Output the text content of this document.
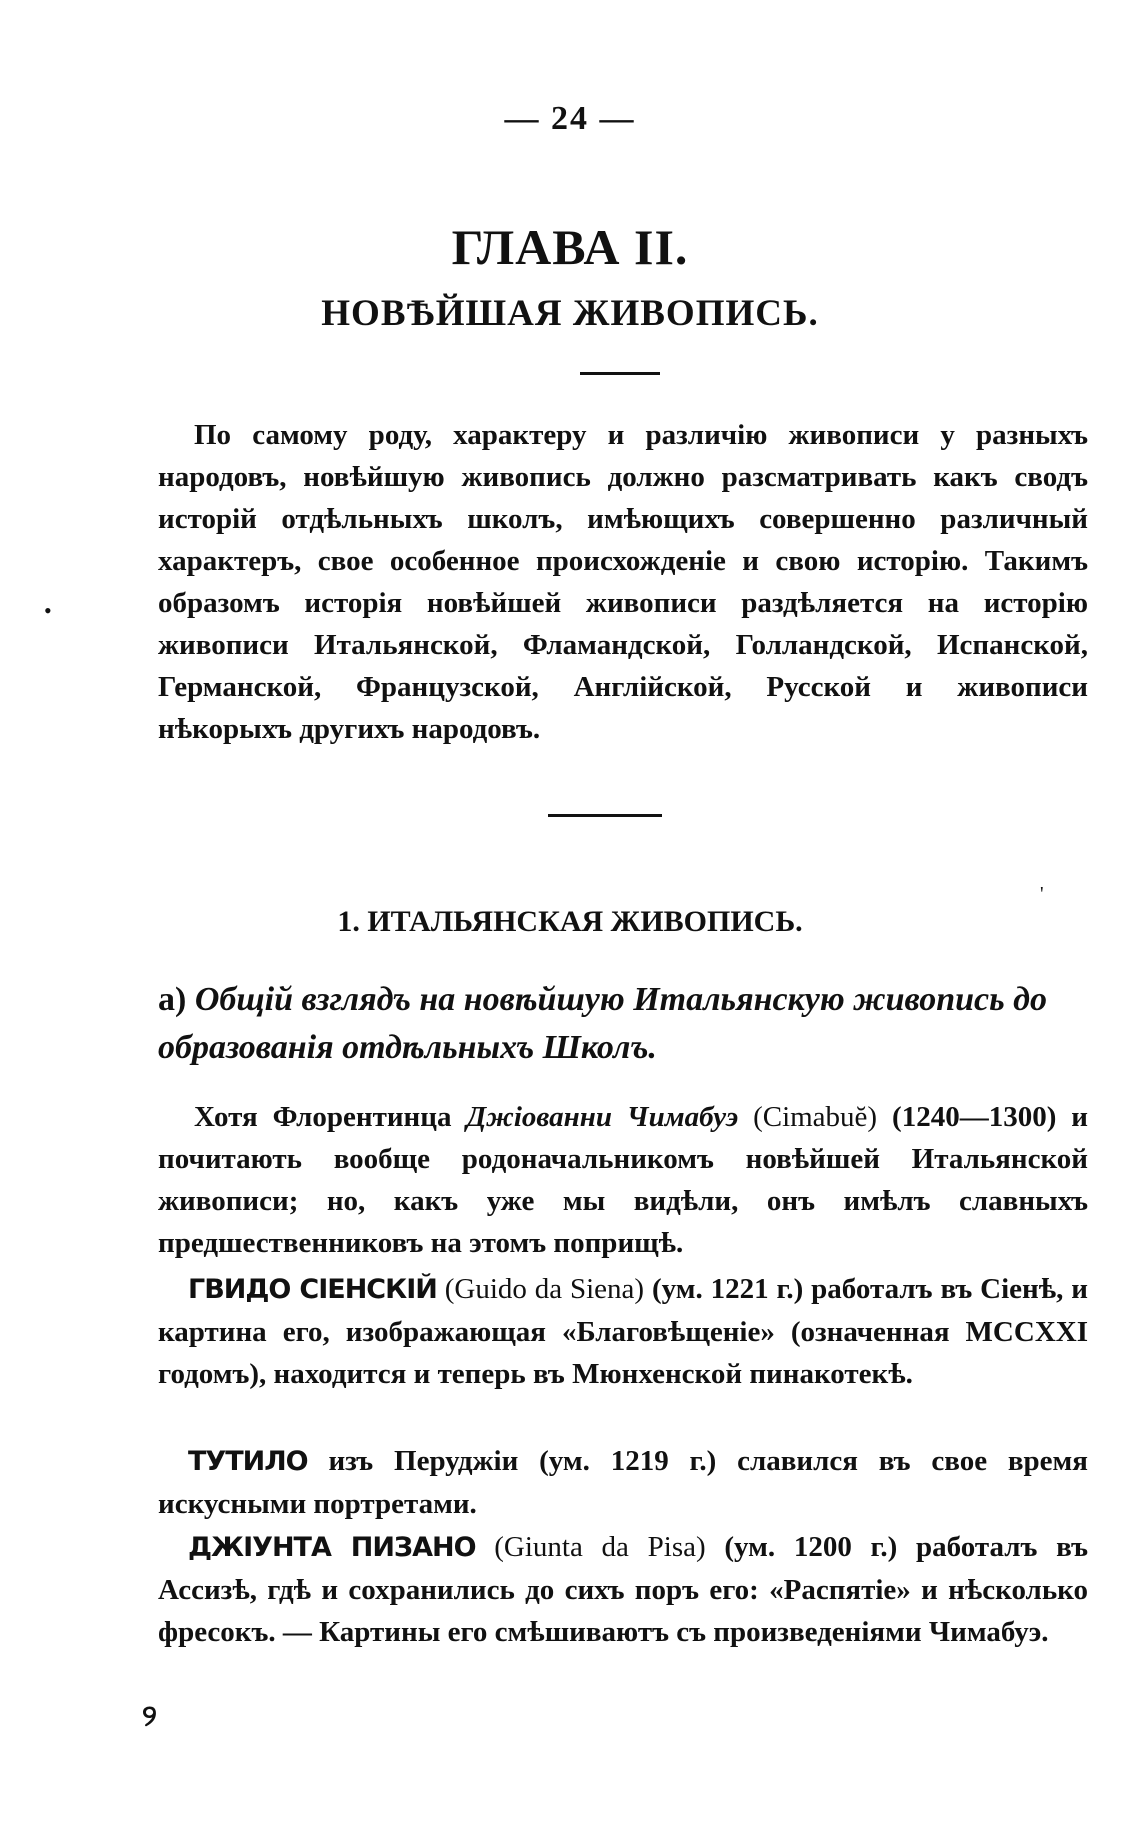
— 24 —
ГЛАВА II.
НОВѢЙШАЯ ЖИВОПИСЬ.

По самому роду, характеру и различію живописи у разныхъ народовъ, новѣйшую живопись должно разсматривать какъ сводъ исторій отдѣльныхъ школъ, имѣющихъ совершенно различный характеръ, свое особенное происхожденіе и свою исторію. Такимъ образомъ исторія новѣйшей живописи раздѣляется на исторію живописи Итальянской, Фламандской, Голландской, Испанской, Германской, Французской, Англійской, Русской и живописи нѣкорыхъ другихъ народовъ.

1. ИТАЛЬЯНСКАЯ ЖИВОПИСЬ.
а) Общій взглядъ на новѣйшую Итальянскую живопись до образованія отдѣльныхъ Школъ.

Хотя Флорентинца Джіованни Чимабуэ (Cimabuĕ) (1240—1300) и почитають вообще родоначальникомъ новѣйшей Итальянской живописи; но, какъ уже мы видѣли, онъ имѣлъ славныхъ предшественниковъ на этомъ поприщѣ.

ГВИДО СІЕНСКІЙ (Guido da Siena) (ум. 1221 г.) работалъ въ Сіенѣ, и картина его, изображающая «Благовѣщеніе» (означенная MCCXXI годомъ), находится и теперь въ Мюнхенской пинакотекѣ.

ТУТИЛО изъ Перуджіи (ум. 1219 г.) славился въ свое время искусными портретами.

ДЖІУНТА ПИЗАНО (Giunta da Pisa) (ум. 1200 г.) работалъ въ Ассизѣ, гдѣ и сохранились до сихъ поръ его: «Распятіе» и нѣсколько фресокъ. — Картины его смѣшиваютъ съ произведеніями Чимабуэ.

•
'
୨
